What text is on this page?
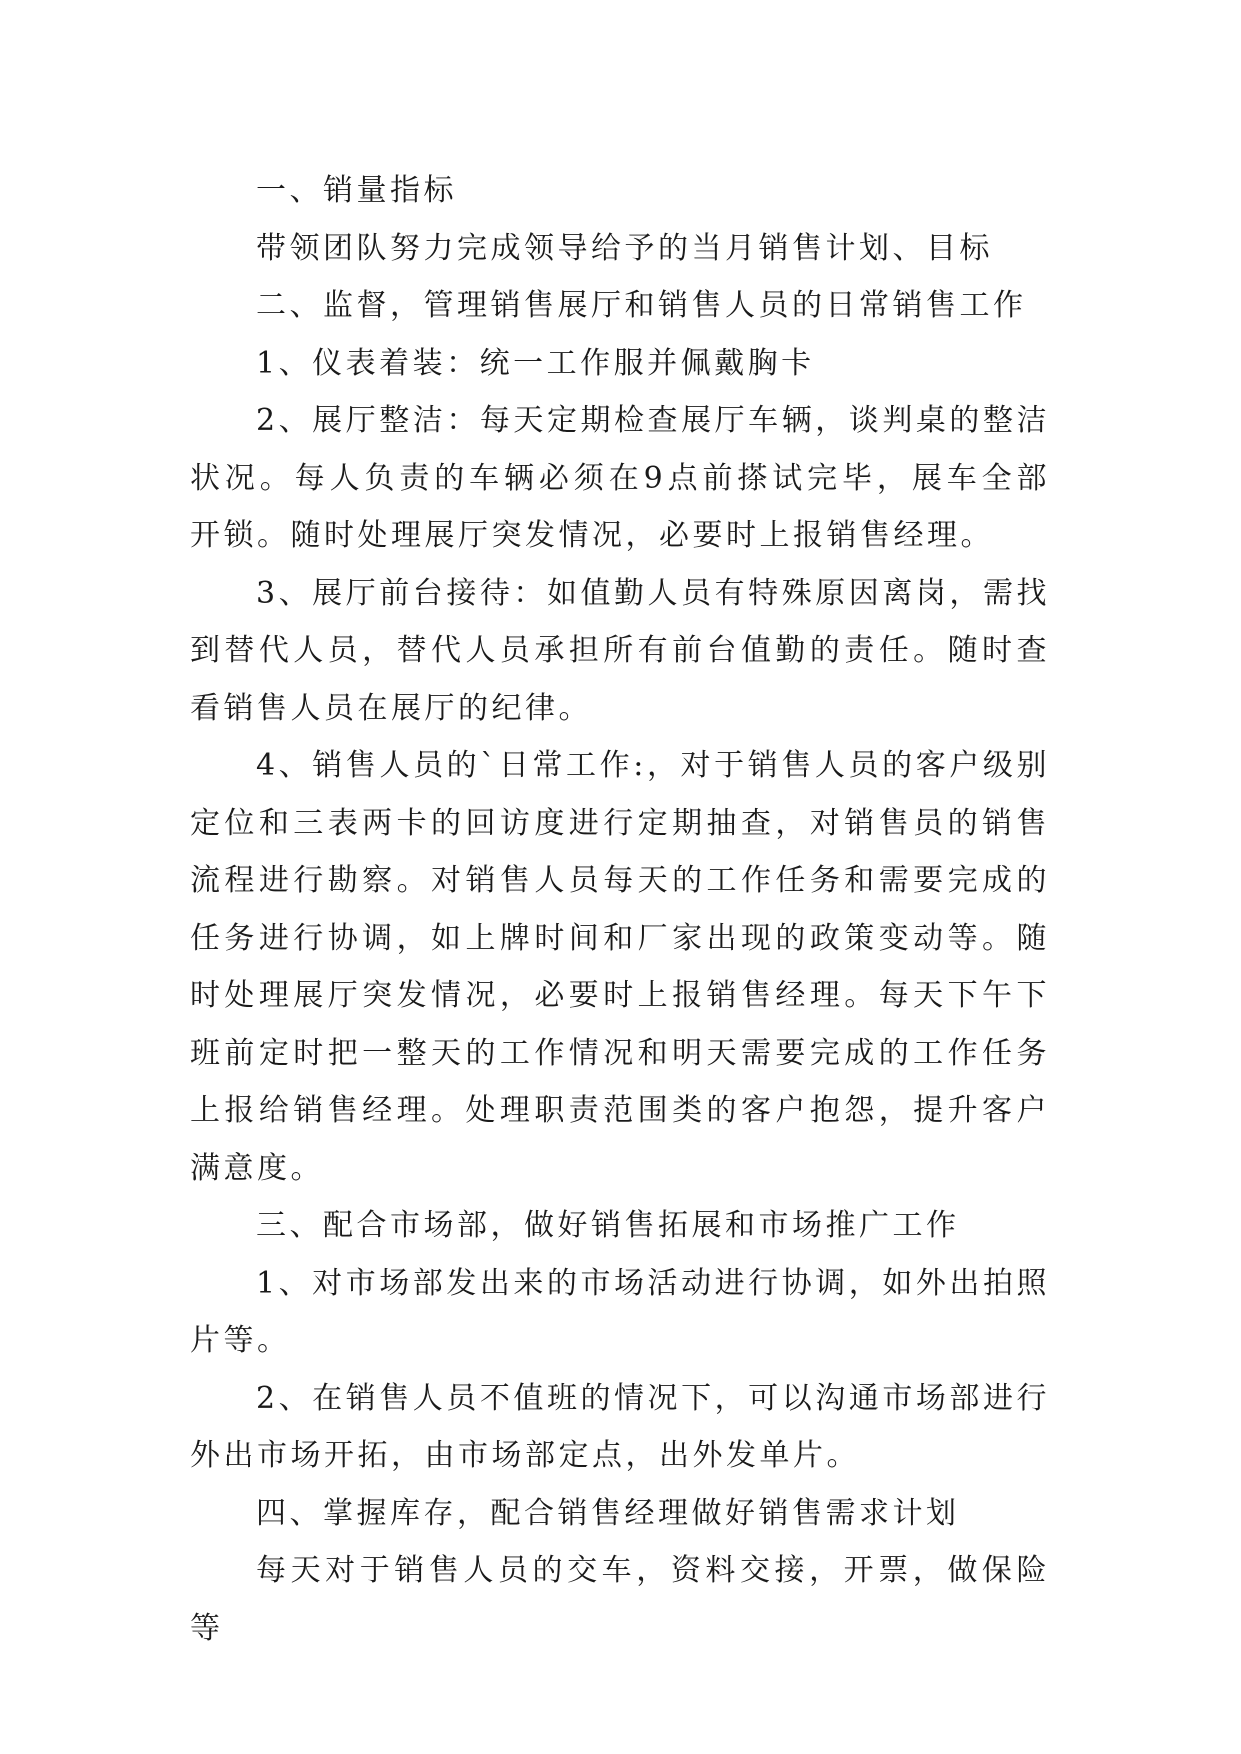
一、销量指标

带领团队努力完成领导给予的当月销售计划、目标

二、监督，管理销售展厅和销售人员的日常销售工作

1、仪表着装：统一工作服并佩戴胸卡

2、展厅整洁：每天定期检查展厅车辆，谈判桌的整洁状况。每人负责的车辆必须在9点前搽试完毕，展车全部开锁。随时处理展厅突发情况，必要时上报销售经理。

3、展厅前台接待：如值勤人员有特殊原因离岗，需找到替代人员，替代人员承担所有前台值勤的责任。随时查看销售人员在展厅的纪律。

4、销售人员的`日常工作:，对于销售人员的客户级别定位和三表两卡的回访度进行定期抽查，对销售员的销售流程进行勘察。对销售人员每天的工作任务和需要完成的任务进行协调，如上牌时间和厂家出现的政策变动等。随时处理展厅突发情况，必要时上报销售经理。每天下午下班前定时把一整天的工作情况和明天需要完成的工作任务上报给销售经理。处理职责范围类的客户抱怨，提升客户满意度。

三、配合市场部，做好销售拓展和市场推广工作

1、对市场部发出来的市场活动进行协调，如外出拍照片等。

2、在销售人员不值班的情况下，可以沟通市场部进行外出市场开拓，由市场部定点，出外发单片。

四、掌握库存，配合销售经理做好销售需求计划

每天对于销售人员的交车，资料交接，开票，做保险等
